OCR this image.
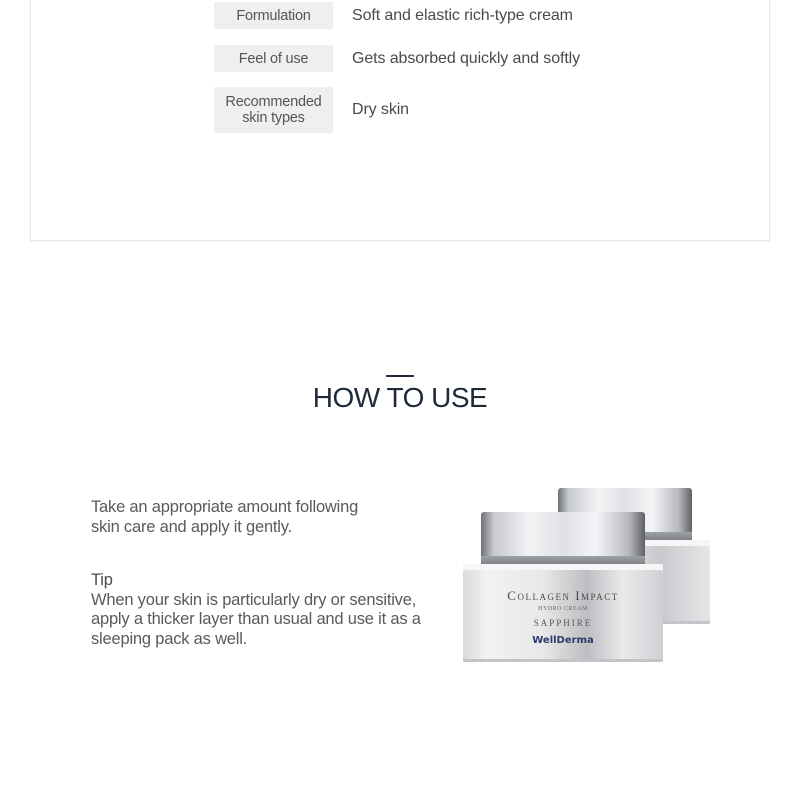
Formulation	Soft and elastic rich-type cream
Feel of use	Gets absorbed quickly and softly
Recommended skin types	Dry skin
HOW TO USE

Take an appropriate amount following skin care and apply it gently.

Tip

When your skin is particularly dry or sensitive, apply a thicker layer than usual and use it as a sleeping pack as well.

Collagen Impact
HYDRO CREAM
SAPPHIRE
WellDerma
